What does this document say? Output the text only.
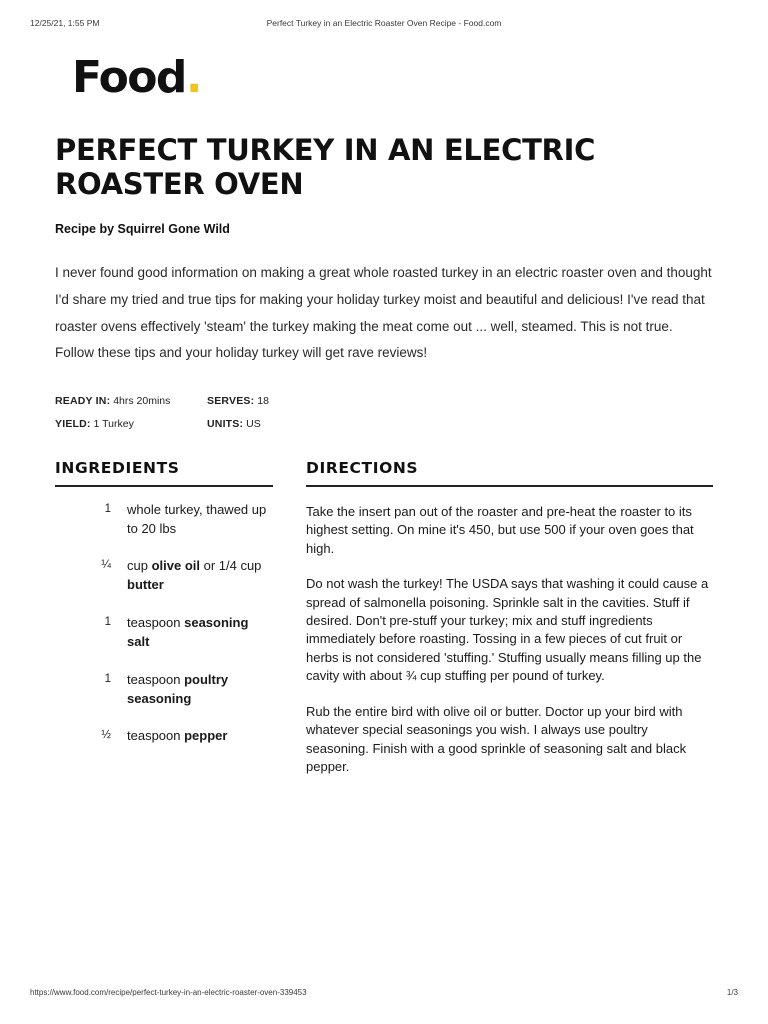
12/25/21, 1:55 PM	Perfect Turkey in an Electric Roaster Oven Recipe - Food.com
Food.
PERFECT TURKEY IN AN ELECTRIC ROASTER OVEN
Recipe by Squirrel Gone Wild

I never found good information on making a great whole roasted turkey in an electric roaster oven and thought I'd share my tried and true tips for making your holiday turkey moist and beautiful and delicious! I've read that roaster ovens effectively 'steam' the turkey making the meat come out ... well, steamed. This is not true. Follow these tips and your holiday turkey will get rave reviews!

READY IN: 4hrs 20mins	SERVES: 18
YIELD: 1 Turkey	UNITS: US
INGREDIENTS
1	whole turkey, thawed up to 20 lbs
¼	cup olive oil or 1/4 cup butter
1	teaspoon seasoning salt
1	teaspoon poultry seasoning
½	teaspoon pepper
DIRECTIONS
Take the insert pan out of the roaster and pre-heat the roaster to its highest setting. On mine it's 450, but use 500 if your oven goes that high.
Do not wash the turkey! The USDA says that washing it could cause a spread of salmonella poisoning. Sprinkle salt in the cavities. Stuff if desired. Don't pre-stuff your turkey; mix and stuff ingredients immediately before roasting. Tossing in a few pieces of cut fruit or herbs is not considered 'stuffing.' Stuffing usually means filling up the cavity with about ¾ cup stuffing per pound of turkey.
Rub the entire bird with olive oil or butter. Doctor up your bird with whatever special seasonings you wish. I always use poultry seasoning. Finish with a good sprinkle of seasoning salt and black pepper.
https://www.food.com/recipe/perfect-turkey-in-an-electric-roaster-oven-339453	1/3
